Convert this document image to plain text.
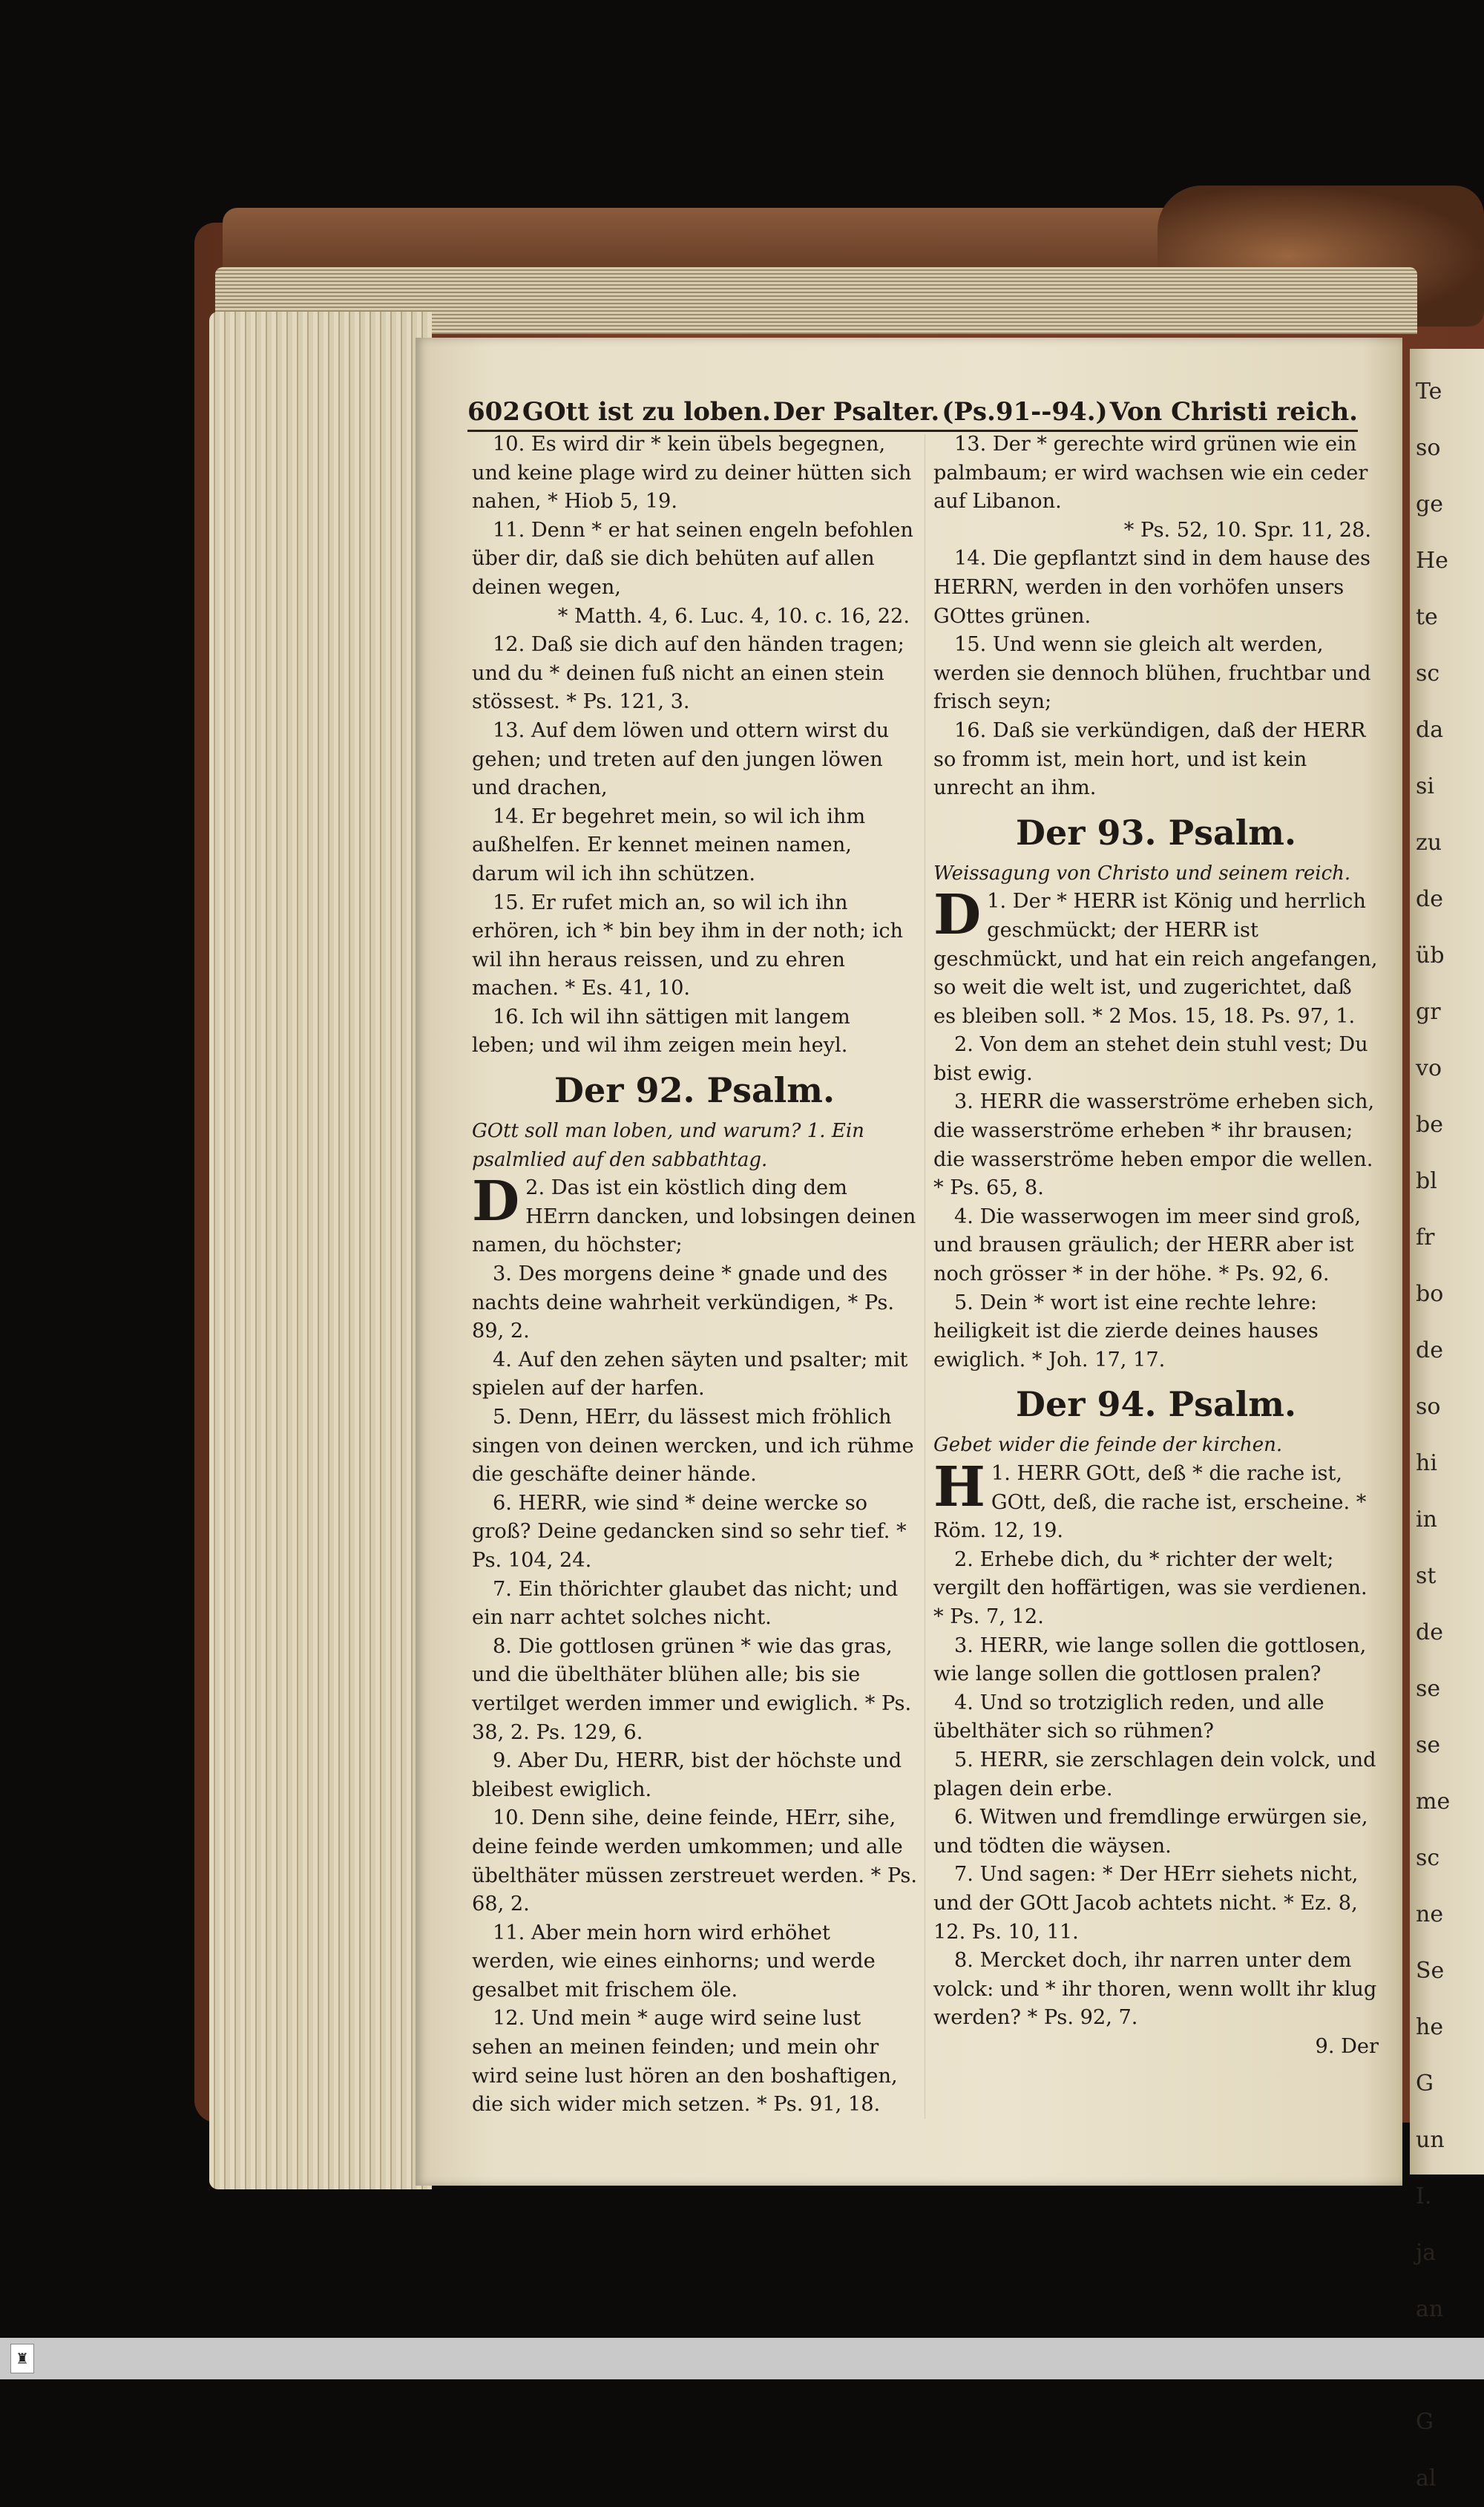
Te
so
ge
He
te
sc
da
si
zu
de
üb
gr
vo
be
bl
fr
bo
de
so
hi
in
st
de
se
se
me
sc
ne
Se
he
G
un
I.
ja
an
G
al
602 GOtt ist zu loben. Der Psalter. (Ps.91--94.) Von Christi reich.

10. Es wird dir * kein übels begegnen, und keine plage wird zu deiner hütten sich nahen, * Hiob 5, 19.

11. Denn * er hat seinen engeln befohlen über dir, daß sie dich behüten auf allen deinen wegen,

* Matth. 4, 6. Luc. 4, 10. c. 16, 22.

12. Daß sie dich auf den händen tragen; und du * deinen fuß nicht an einen stein stössest. * Ps. 121, 3.

13. Auf dem löwen und ottern wirst du gehen; und treten auf den jungen löwen und drachen,

14. Er begehret mein, so wil ich ihm außhelfen. Er kennet meinen namen, darum wil ich ihn schützen.

15. Er rufet mich an, so wil ich ihn erhören, ich * bin bey ihm in der noth; ich wil ihn heraus reissen, und zu ehren machen. * Es. 41, 10.

16. Ich wil ihn sättigen mit langem leben; und wil ihm zeigen mein heyl.

Der 92. Psalm.

GOtt soll man loben, und warum? 1. Ein psalmlied auf den sabbathtag.

D 2. Das ist ein köstlich ding dem HErrn dancken, und lobsingen deinen namen, du höchster;

3. Des morgens deine * gnade und des nachts deine wahrheit verkündigen, * Ps. 89, 2.

4. Auf den zehen säyten und psalter; mit spielen auf der harfen.

5. Denn, HErr, du lässest mich fröhlich singen von deinen wercken, und ich rühme die geschäfte deiner hände.

6. HERR, wie sind * deine wercke so groß? Deine gedancken sind so sehr tief. * Ps. 104, 24.

7. Ein thörichter glaubet das nicht; und ein narr achtet solches nicht.

8. Die gottlosen grünen * wie das gras, und die übelthäter blühen alle; bis sie vertilget werden immer und ewiglich. * Ps. 38, 2. Ps. 129, 6.

9. Aber Du, HERR, bist der höchste und bleibest ewiglich.

10. Denn sihe, deine feinde, HErr, sihe, deine feinde werden umkommen; und alle übelthäter müssen zerstreuet werden. * Ps. 68, 2.

11. Aber mein horn wird erhöhet werden, wie eines einhorns; und werde gesalbet mit frischem öle.

12. Und mein * auge wird seine lust sehen an meinen feinden; und mein ohr wird seine lust hören an den boshaftigen, die sich wider mich setzen. * Ps. 91, 18.

13. Der * gerechte wird grünen wie ein palmbaum; er wird wachsen wie ein ceder auf Libanon.

* Ps. 52, 10. Spr. 11, 28.

14. Die gepflantzt sind in dem hause des HERRN, werden in den vorhöfen unsers GOttes grünen.

15. Und wenn sie gleich alt werden, werden sie dennoch blühen, fruchtbar und frisch seyn;

16. Daß sie verkündigen, daß der HERR so fromm ist, mein hort, und ist kein unrecht an ihm.

Der 93. Psalm.

Weissagung von Christo und seinem reich.

D 1. Der * HERR ist König und herrlich geschmückt; der HERR ist geschmückt, und hat ein reich angefangen, so weit die welt ist, und zugerichtet, daß es bleiben soll. * 2 Mos. 15, 18. Ps. 97, 1.

2. Von dem an stehet dein stuhl vest; Du bist ewig.

3. HERR die wasserströme erheben sich, die wasserströme erheben * ihr brausen; die wasserströme heben empor die wellen. * Ps. 65, 8.

4. Die wasserwogen im meer sind groß, und brausen gräulich; der HERR aber ist noch grösser * in der höhe. * Ps. 92, 6.

5. Dein * wort ist eine rechte lehre: heiligkeit ist die zierde deines hauses ewiglich. * Joh. 17, 17.

Der 94. Psalm.

Gebet wider die feinde der kirchen.

H 1. HERR GOtt, deß * die rache ist, GOtt, deß, die rache ist, erscheine. * Röm. 12, 19.

2. Erhebe dich, du * richter der welt; vergilt den hoffärtigen, was sie verdienen. * Ps. 7, 12.

3. HERR, wie lange sollen die gottlosen, wie lange sollen die gottlosen pralen?

4. Und so trotziglich reden, und alle übelthäter sich so rühmen?

5. HERR, sie zerschlagen dein volck, und plagen dein erbe.

6. Witwen und fremdlinge erwürgen sie, und tödten die wäysen.

7. Und sagen: * Der HErr siehets nicht, und der GOtt Jacob achtets nicht. * Ez. 8, 12. Ps. 10, 11.

8. Mercket doch, ihr narren unter dem volck: und * ihr thoren, wenn wollt ihr klug werden? * Ps. 92, 7.

9. Der

♜
